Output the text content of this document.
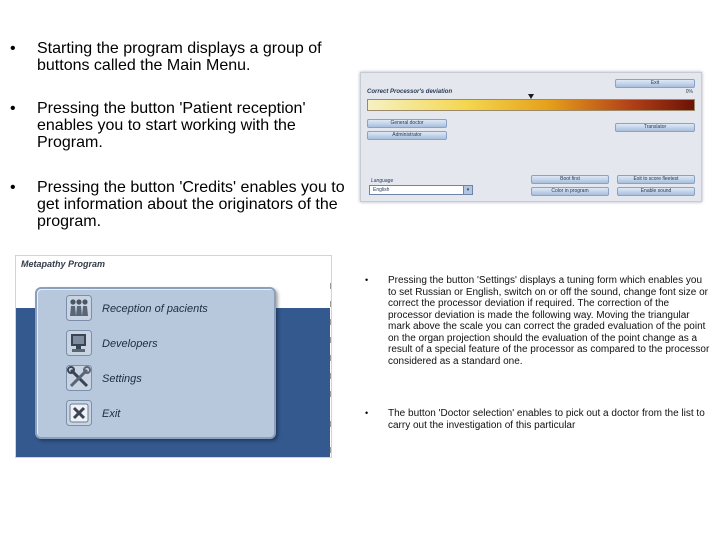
• Starting the program displays a group of buttons called the Main Menu.
• Pressing the button 'Patient reception' enables you to start working with the Program.
• Pressing the button 'Credits' enables you to get information about the originators of the program.
Exit
Correct Processor's deviation	0%
General doctor
Administrator
Translator
Language
English	▾
Boot first
Color in program
Exit to score fleetest
Enable sound
Metapathy Program
Reception of pacients
Developers
Settings
Exit
• Pressing the button 'Settings' displays a tuning form which enables you to set Russian or English, switch on or off the sound, change font size or correct the processor deviation if required. The correction of the processor deviation is made the following way. Moving the triangular mark above the scale you can correct the graded evaluation of the point on the organ projection should the evaluation of the point change as a result of a special feature of the processor as compared to the processor considered as a standard one.
• The button 'Doctor selection' enables to pick out a doctor from the list to carry out the investigation of this particular
